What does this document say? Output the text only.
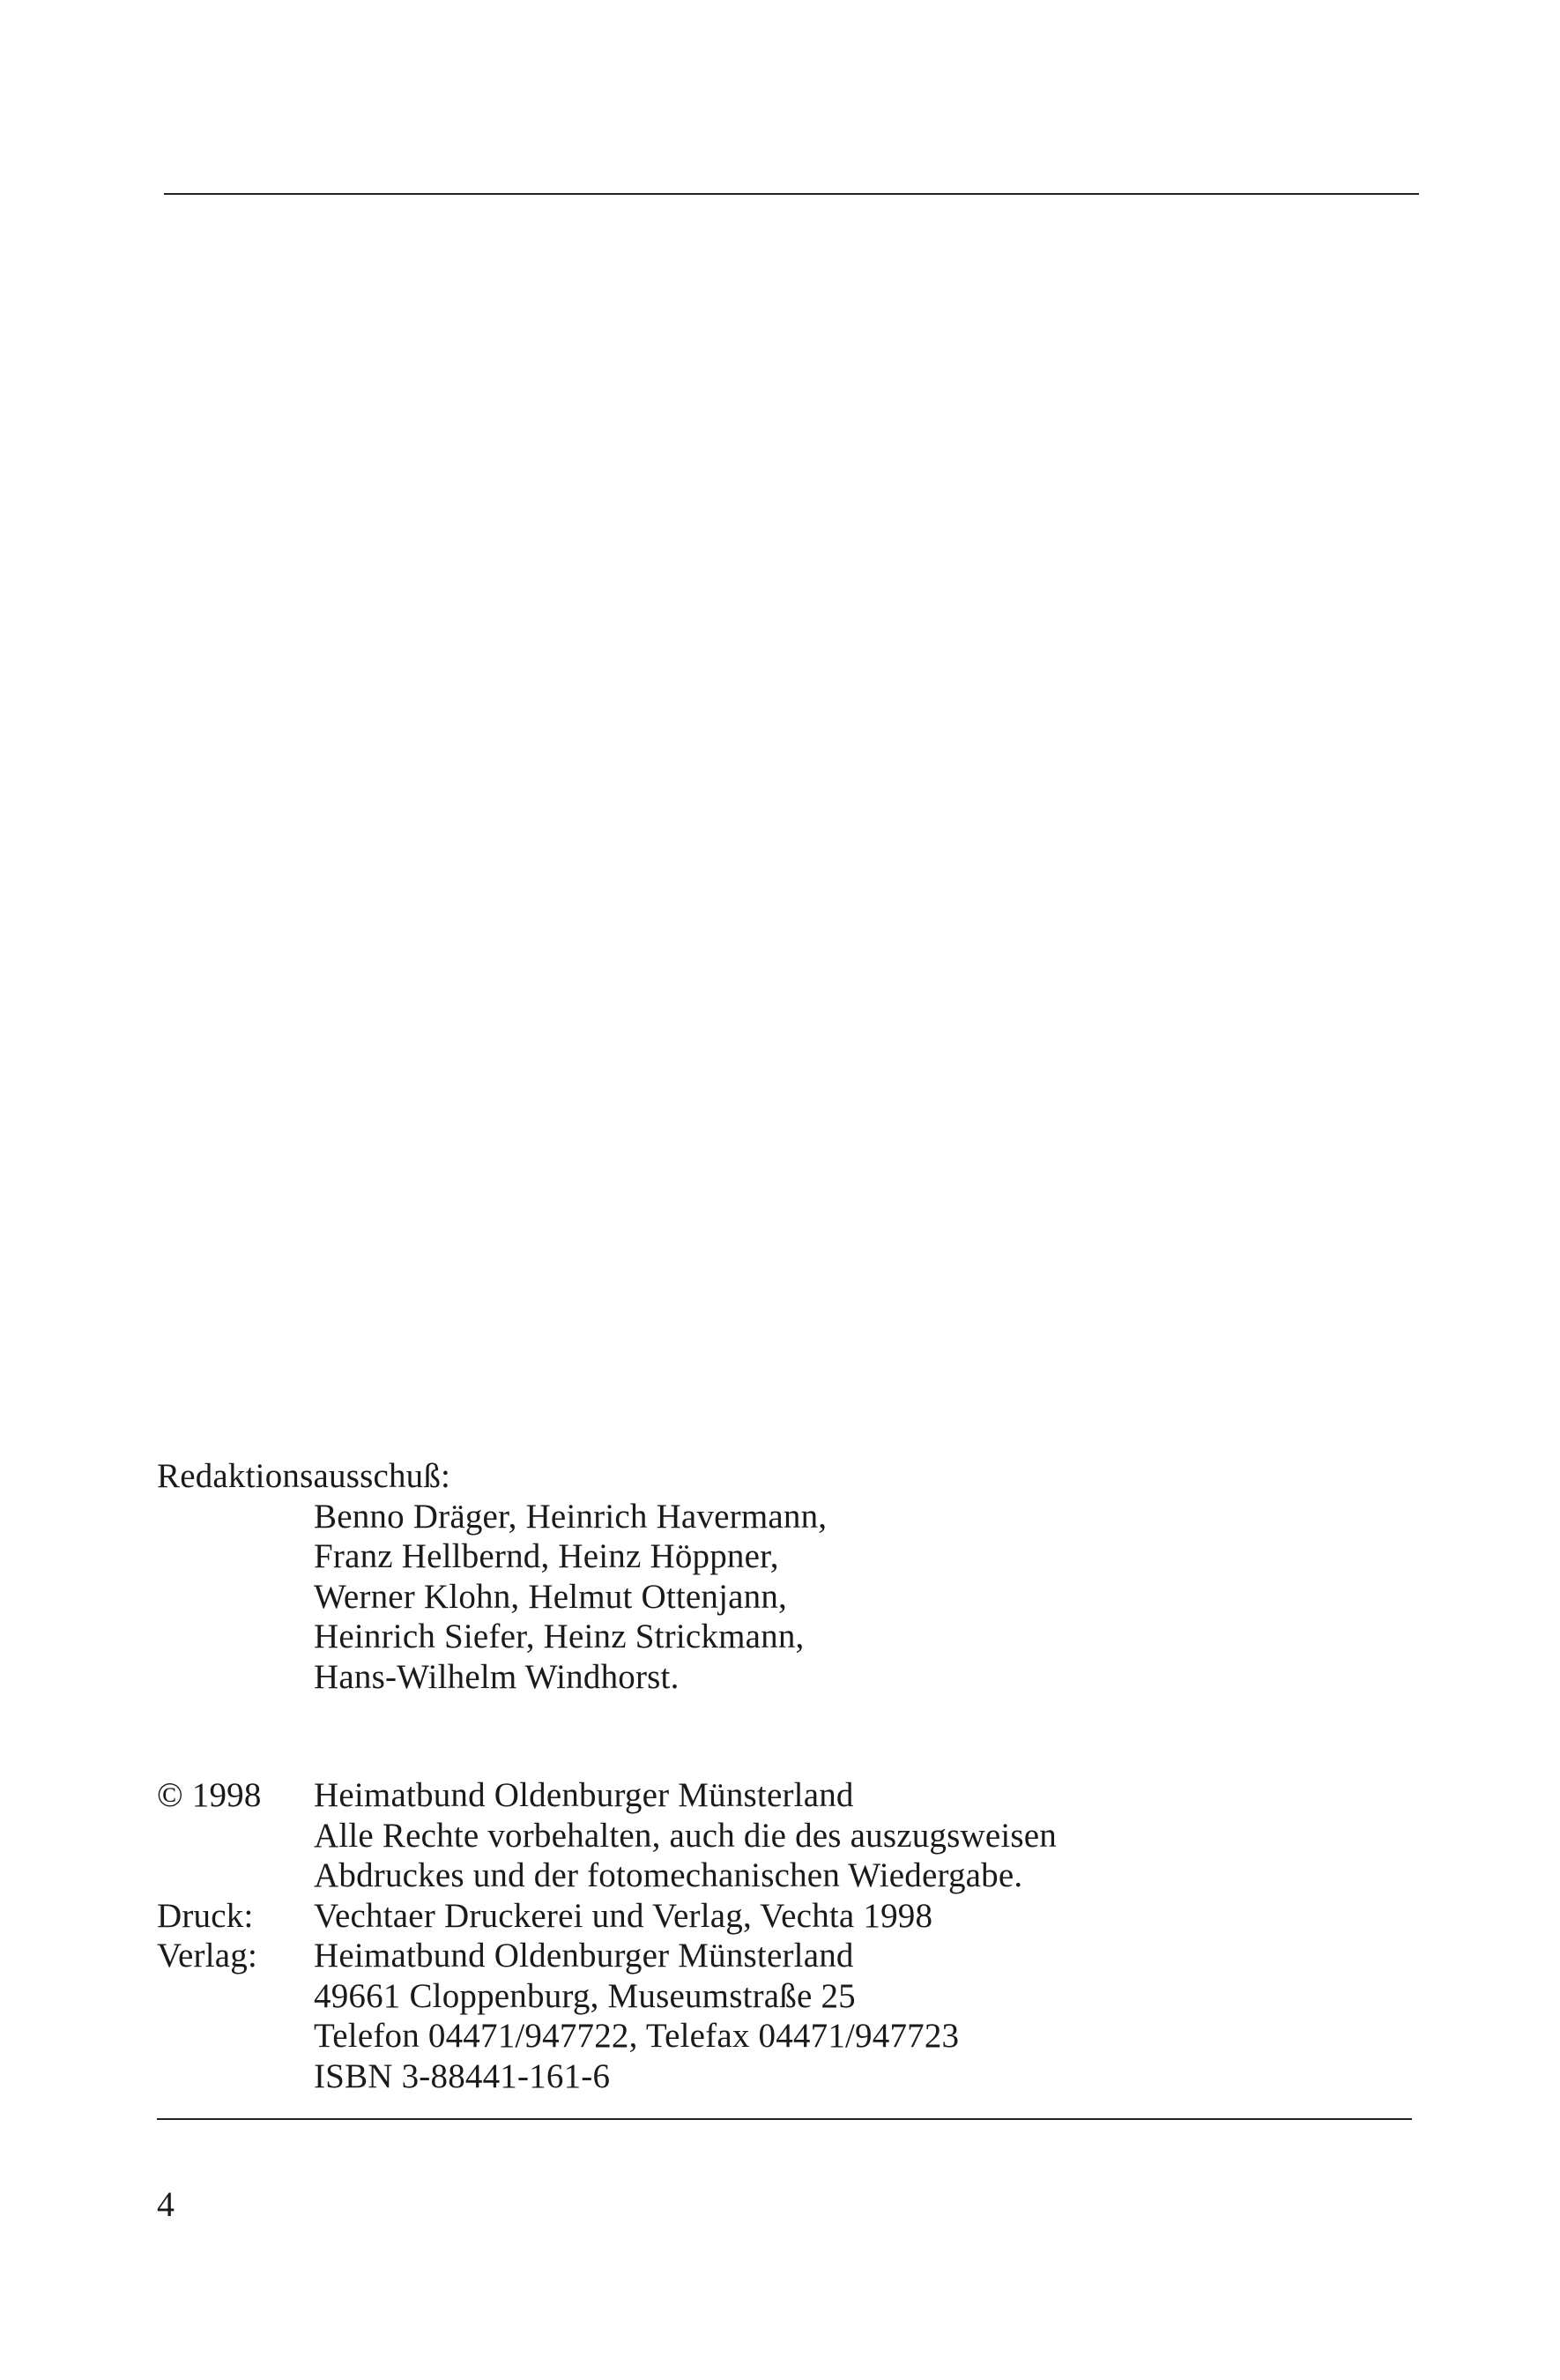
Redaktionsausschuß:
Benno Dräger, Heinrich Havermann,
Franz Hellbernd, Heinz Höppner,
Werner Klohn, Helmut Ottenjann,
Heinrich Siefer, Heinz Strickmann,
Hans-Wilhelm Windhorst.
© 1998	Heimatbund Oldenburger Münsterland
Alle Rechte vorbehalten, auch die des auszugsweisen
Abdruckes und der fotomechanischen Wiedergabe.
Druck:	Vechtaer Druckerei und Verlag, Vechta 1998
Verlag:	Heimatbund Oldenburger Münsterland
49661 Cloppenburg, Museumstraße 25
Telefon 04471/947722, Telefax 04471/947723
ISBN 3-88441-161-6
4
